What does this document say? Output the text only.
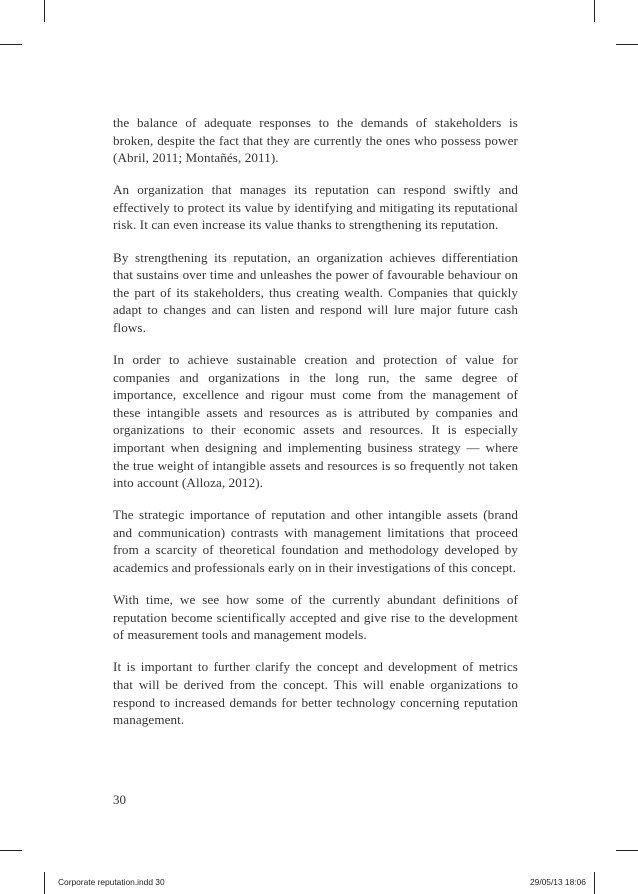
the balance of adequate responses to the demands of stakeholders is broken, despite the fact that they are currently the ones who possess power (Abril, 2011; Montañés, 2011).

An organization that manages its reputation can respond swiftly and effectively to protect its value by identifying and mitigating its reputational risk. It can even increase its value thanks to strengthening its reputation.

By strengthening its reputation, an organization achieves differentiation that sustains over time and unleashes the power of favourable behaviour on the part of its stakeholders, thus creating wealth. Companies that quickly adapt to changes and can listen and respond will lure major future cash flows.

In order to achieve sustainable creation and protection of value for companies and organizations in the long run, the same degree of importance, excellence and rigour must come from the management of these intangible assets and resources as is attributed by companies and organizations to their economic assets and resources. It is especially important when designing and implementing business strategy — where the true weight of intangible assets and resources is so frequently not taken into account (Alloza, 2012).

The strategic importance of reputation and other intangible assets (brand and communication) contrasts with management limitations that proceed from a scarcity of theoretical foundation and methodology developed by academics and professionals early on in their investigations of this concept.

With time, we see how some of the currently abundant definitions of reputation become scientifically accepted and give rise to the development of measurement tools and management models.

It is important to further clarify the concept and development of metrics that will be derived from the concept. This will enable organizations to respond to increased demands for better technology concerning reputation management.

30
Corporate reputation.indd 30	29/05/13 18:06
